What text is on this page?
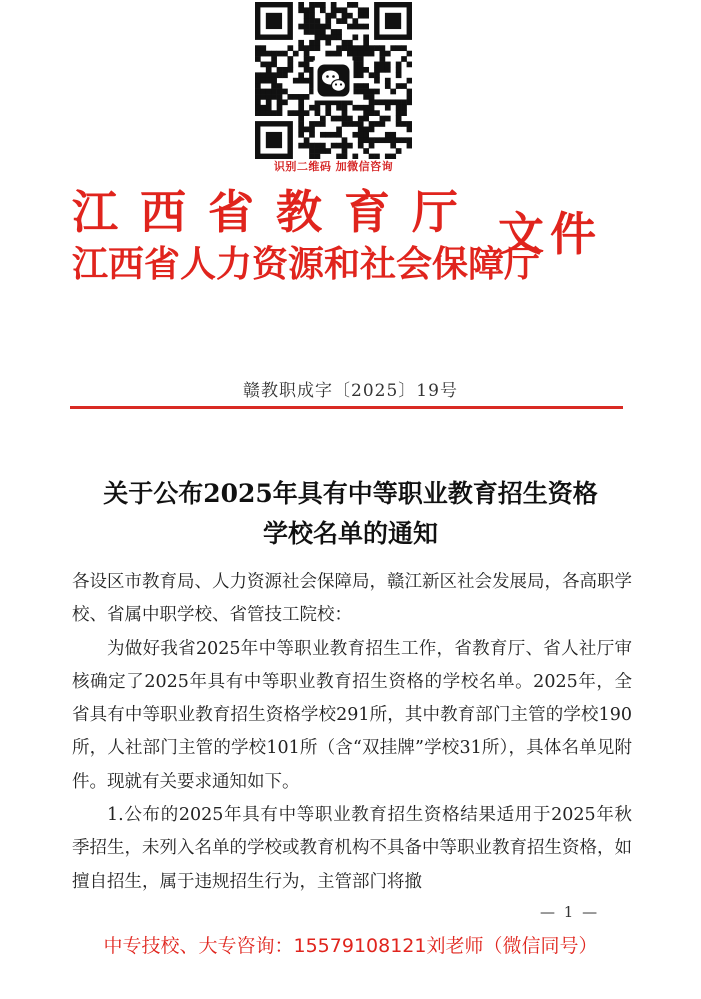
识别二维码 加微信咨询
江西省教育厅
江西省人力资源和社会保障厅
文件
赣教职成字〔2025〕19号
关于公布2025年具有中等职业教育招生资格
学校名单的通知

各设区市教育局、人力资源社会保障局，赣江新区社会发展局，各高职学校、省属中职学校、省管技工院校：

为做好我省2025年中等职业教育招生工作，省教育厅、省人社厅审核确定了2025年具有中等职业教育招生资格的学校名单。2025年，全省具有中等职业教育招生资格学校291所，其中教育部门主管的学校190所，人社部门主管的学校101所（含“双挂牌”学校31所），具体名单见附件。现就有关要求通知如下。

1.公布的2025年具有中等职业教育招生资格结果适用于2025年秋季招生，未列入名单的学校或教育机构不具备中等职业教育招生资格，如擅自招生，属于违规招生行为，主管部门将撤

— 1 —
中专技校、大专咨询：15579108121刘老师（微信同号）
